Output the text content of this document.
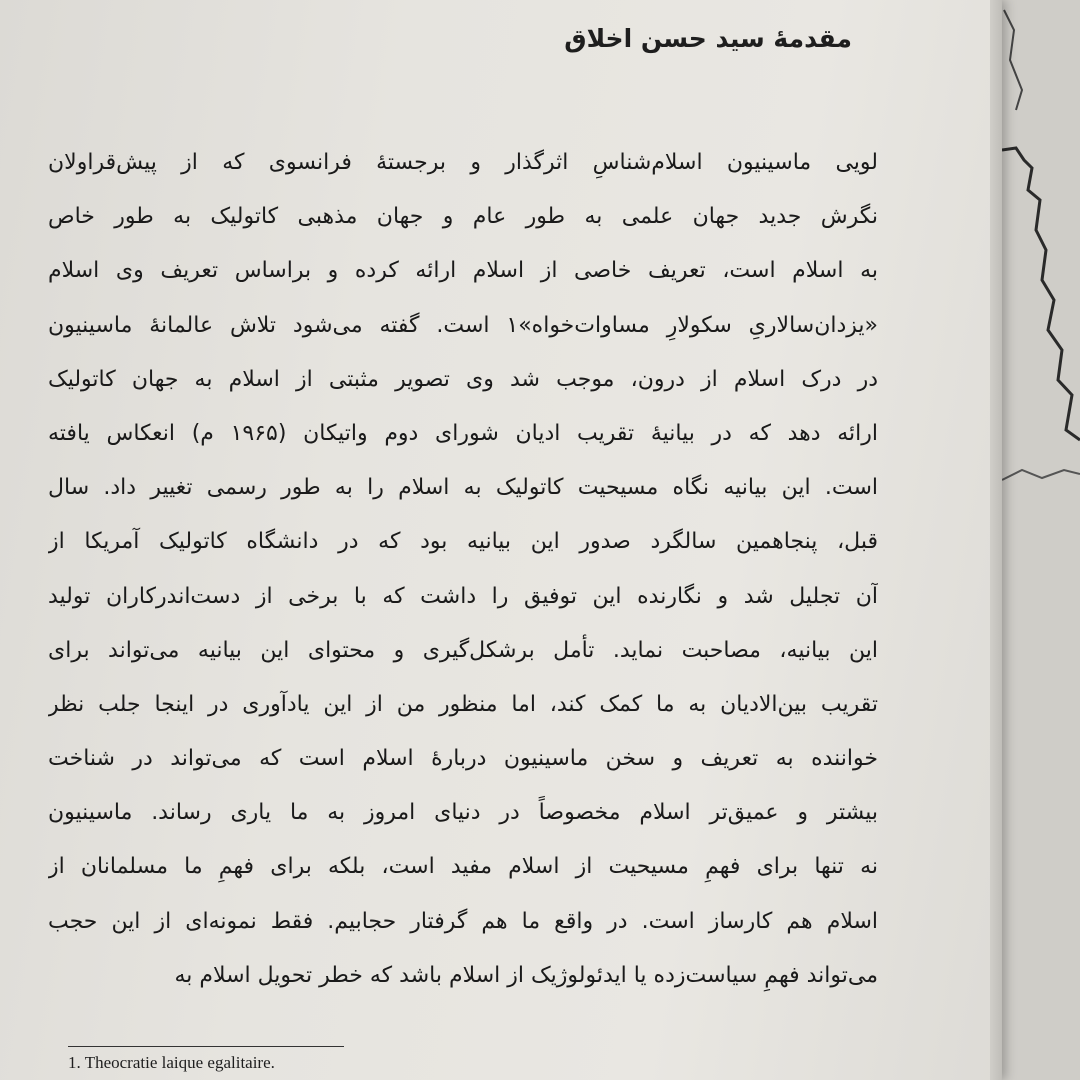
مقدمهٔ سید حسن اخلاق
لویی ماسینیون اسلام‌شناسِ اثرگذار و برجستهٔ فرانسوی که از پیش‌قراولان
نگرش جدید جهان علمی به طور عام و جهان مذهبی کاتولیک به طور خاص
به اسلام است، تعریف خاصی از اسلام ارائه کرده و براساس تعریف وی اسلام
«یزدان‌سالاریِ سکولارِ مساوات‌خواه»۱ است. گفته می‌شود تلاش عالمانهٔ ماسینیون
در درک اسلام از درون، موجب شد وی تصویر مثبتی از اسلام به جهان کاتولیک
ارائه دهد که در بیانیهٔ تقریب ادیان شورای دوم واتیکان (۱۹۶۵ م) انعکاس یافته
است. این بیانیه نگاه مسیحیت کاتولیک به اسلام را به طور رسمی تغییر داد. سال
قبل، پنجاهمین سالگرد صدور این بیانیه بود که در دانشگاه کاتولیک آمریکا از
آن تجلیل شد و نگارنده این توفیق را داشت که با برخی از دست‌اندرکاران تولید
این بیانیه، مصاحبت نماید. تأمل برشکل‌گیری و محتوای این بیانیه می‌تواند برای
تقریب بین‌الادیان به ما کمک کند، اما منظور من از این یادآوری در اینجا جلب نظر
خواننده به تعریف و سخن ماسینیون دربارهٔ اسلام است که می‌تواند در شناخت
بیشتر و عمیق‌تر اسلام مخصوصاً در دنیای امروز به ما یاری رساند. ماسینیون
نه تنها برای فهمِ مسیحیت از اسلام مفید است، بلکه برای فهمِ ما مسلمانان از
اسلام هم کارساز است. در واقع ما هم گرفتار حجابیم. فقط نمونه‌ای از این حجب
می‌تواند فهمِ سیاست‌زده یا ایدئولوژیک از اسلام باشد که خطر تحویل اسلام به
1. Theocratie laique egalitaire.
